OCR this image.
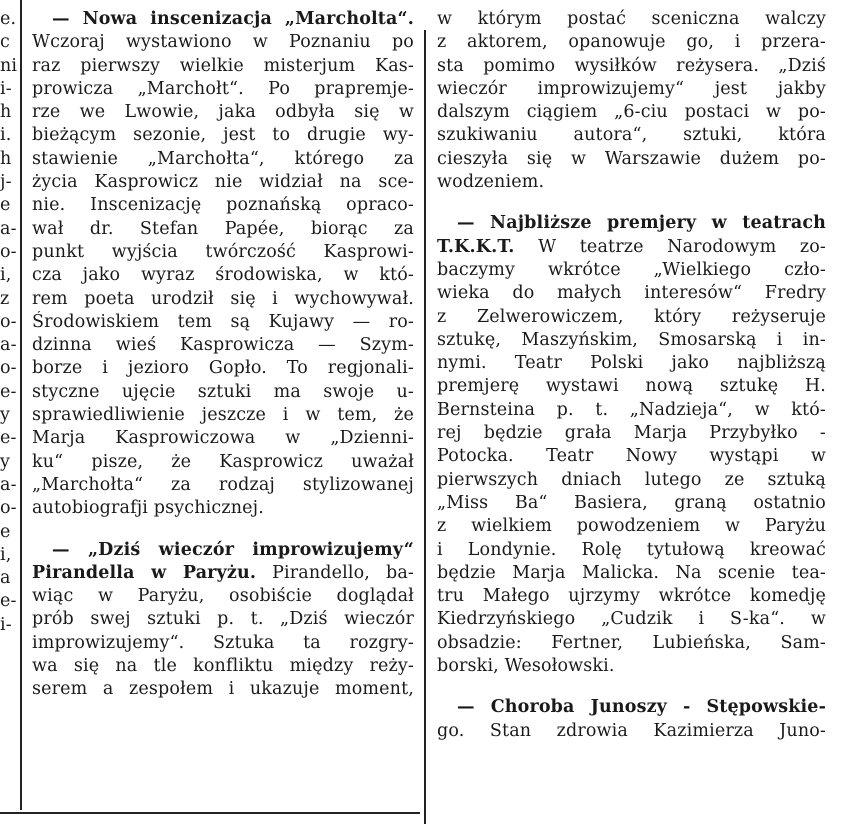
e.
c
ni
i-
h
i.
h
j-
e
a-
o-
i,
z
o-
a-
o-
e-
y
e-
y
a-
o-
e
i,
a
e-
i-
— Nowa inscenizacja „Marcholta“.
Wczoraj wystawiono w Poznaniu po
raz pierwszy wielkie misterjum Kas-
prowicza „Marchołt“. Po prapremje-
rze we Lwowie, jaka odbyła się w
bieżącym sezonie, jest to drugie wy-
stawienie „Marchołta“, którego za
życia Kasprowicz nie widział na sce-
nie. Inscenizację poznańską opraco-
wał dr. Stefan Papée, biorąc za
punkt wyjścia twórczość Kasprowi-
cza jako wyraz środowiska, w któ-
rem poeta urodził się i wychowywał.
Środowiskiem tem są Kujawy — ro-
dzinna wieś Kasprowicza — Szym-
borze i jezioro Gopło. To regjonali-
styczne ujęcie sztuki ma swoje u-
sprawiedliwienie jeszcze i w tem, że
Marja Kasprowiczowa w „Dzienni-
ku“ pisze, że Kasprowicz uważał
„Marchołta“ za rodzaj stylizowanej
autobiografji psychicznej.
— „Dziś wieczór improwizujemy“
Pirandella w Paryżu. Pirandello, ba-
wiąc w Paryżu, osobiście doglądał
prób swej sztuki p. t. „Dziś wieczór
improwizujemy“. Sztuka ta rozgry-
wa się na tle konfliktu między reży-
serem a zespołem i ukazuje moment,
w którym postać sceniczna walczy
z aktorem, opanowuje go, i przera-
sta pomimo wysiłków reżysera. „Dziś
wieczór improwizujemy“ jest jakby
dalszym ciągiem „6-ciu postaci w po-
szukiwaniu autora“, sztuki, która
cieszyła się w Warszawie dużem po-
wodzeniem.
— Najbliższe premjery w teatrach
T.K.K.T. W teatrze Narodowym zo-
baczymy wkrótce „Wielkiego czło-
wieka do małych interesów“ Fredry
z Zelwerowiczem, który reżyseruje
sztukę, Maszyńskim, Smosarską i in-
nymi. Teatr Polski jako najbliższą
premjerę wystawi nową sztukę H.
Bernsteina p. t. „Nadzieja“, w któ-
rej będzie grała Marja Przybyłko -
Potocka. Teatr Nowy wystąpi w
pierwszych dniach lutego ze sztuką
„Miss Ba“ Basiera, graną ostatnio
z wielkiem powodzeniem w Paryżu
i Londynie. Rolę tytułową kreować
będzie Marja Malicka. Na scenie tea-
tru Małego ujrzymy wkrótce komedję
Kiedrzyńskiego „Cudzik i S-ka“. w
obsadzie: Fertner, Lubieńska, Sam-
borski, Wesołowski.
— Choroba Junoszy - Stępowskie-
go. Stan zdrowia Kazimierza Juno-
